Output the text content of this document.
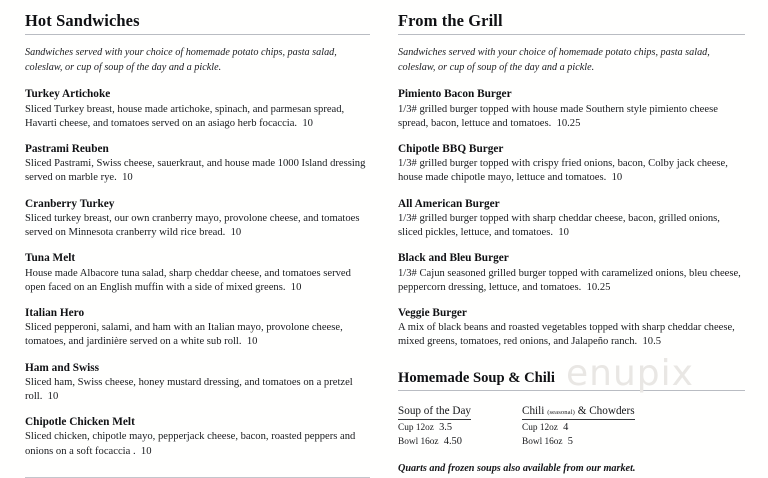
Hot Sandwiches

Sandwiches served with your choice of homemade potato chips, pasta salad, coleslaw, or cup of soup of the day and a pickle.

Turkey Artichoke

Sliced Turkey breast, house made artichoke, spinach, and parmesan spread, Havarti cheese, and tomatoes served on an asiago herb focaccia. 10

Pastrami Reuben

Sliced Pastrami, Swiss cheese, sauerkraut, and house made 1000 Island dressing served on marble rye. 10

Cranberry Turkey

Sliced turkey breast, our own cranberry mayo, provolone cheese, and tomatoes served on Minnesota cranberry wild rice bread. 10

Tuna Melt

House made Albacore tuna salad, sharp cheddar cheese, and tomatoes served open faced on an English muffin with a side of mixed greens. 10

Italian Hero

Sliced pepperoni, salami, and ham with an Italian mayo, provolone cheese, tomatoes, and jardinière served on a white sub roll. 10

Ham and Swiss

Sliced ham, Swiss cheese, honey mustard dressing, and tomatoes on a pretzel roll. 10

Chipotle Chicken Melt

Sliced chicken, chipotle mayo, pepperjack cheese, bacon, roasted peppers and onions on a soft focaccia . 10

From the Grill

Sandwiches served with your choice of homemade potato chips, pasta salad, coleslaw, or cup of soup of the day and a pickle.

Pimiento Bacon Burger

1/3# grilled burger topped with house made Southern style pimiento cheese spread, bacon, lettuce and tomatoes. 10.25

Chipotle BBQ Burger

1/3# grilled burger topped with crispy fried onions, bacon, Colby jack cheese, house made chipotle mayo, lettuce and tomatoes. 10

All American Burger

1/3# grilled burger topped with sharp cheddar cheese, bacon, grilled onions, sliced pickles, lettuce, and tomatoes. 10

Black and Bleu Burger

1/3# Cajun seasoned grilled burger topped with caramelized onions, bleu cheese, peppercorn dressing, lettuce, and tomatoes. 10.25

Veggie Burger

A mix of black beans and roasted vegetables topped with sharp cheddar cheese, mixed greens, tomatoes, red onions, and Jalapeño ranch. 10.5

Homemade Soup & Chili
Soup of the Day

Cup 12oz 3.5

Bowl 16oz 4.50

Chili (seasonal) & Chowders

Cup 12oz 4

Bowl 16oz 5

Quarts and frozen soups also available from our market.

enupix
